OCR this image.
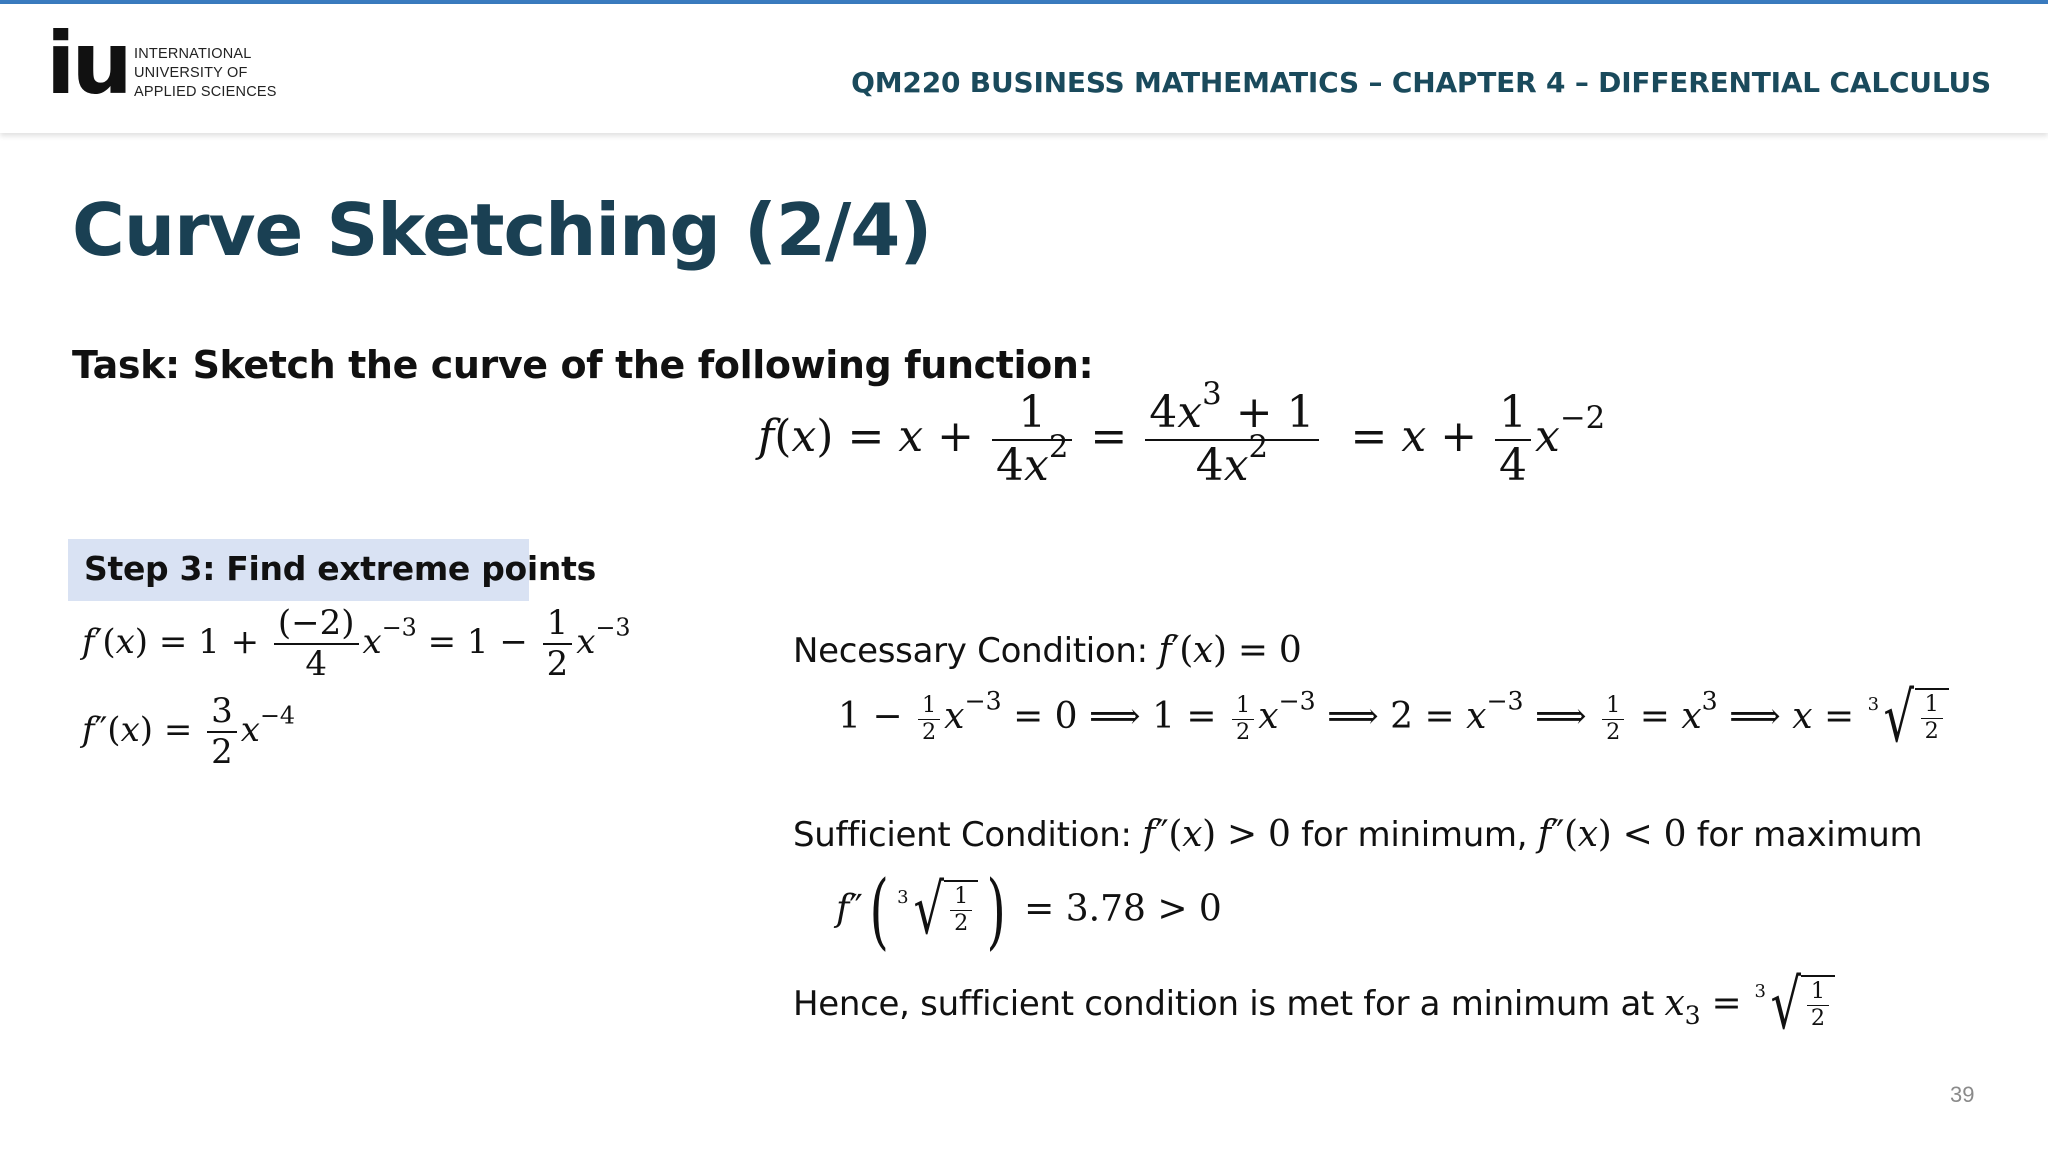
iu INTERNATIONAL
UNIVERSITY OF
APPLIED SCIENCES	QM220 BUSINESS MATHEMATICS – CHAPTER 4 – DIFFERENTIAL CALCULUS
Curve Sketching (2/4)
Task: Sketch the curve of the following function:
$f(x) = x + \frac{1}{4x^2} = \frac{4x^3 + 1}{4x^2} = x + \frac{1}{4} x^{-2}$
Step 3: Find extreme points
$f'(x) = 1 + \frac{(-2)}{4} x^{-3} = 1 - \frac{1}{2} x^{-3}$
$f''(x) = \frac{3}{2} x^{-4}$
Necessary Condition: f′(x) = 0
$1 - \frac{1}{2} x^{-3} = 0$ ⟹ $1 = \frac{1}{2} x^{-3}$ ⟹ $2 = x^{-3}$ ⟹ $\frac{1}{2} = x^3$ ⟹ x = 3 √ $\frac{1}{2}$
Sufficient Condition: f″(x) > 0 for minimum, f″(x) < 0 for maximum
f″( 3 √ $\frac{1}{2}$ ) = 3.78 > 0
Hence, sufficient condition is met for a minimum at $x_3 = 3$ √ $\frac{1}{2}$
39
